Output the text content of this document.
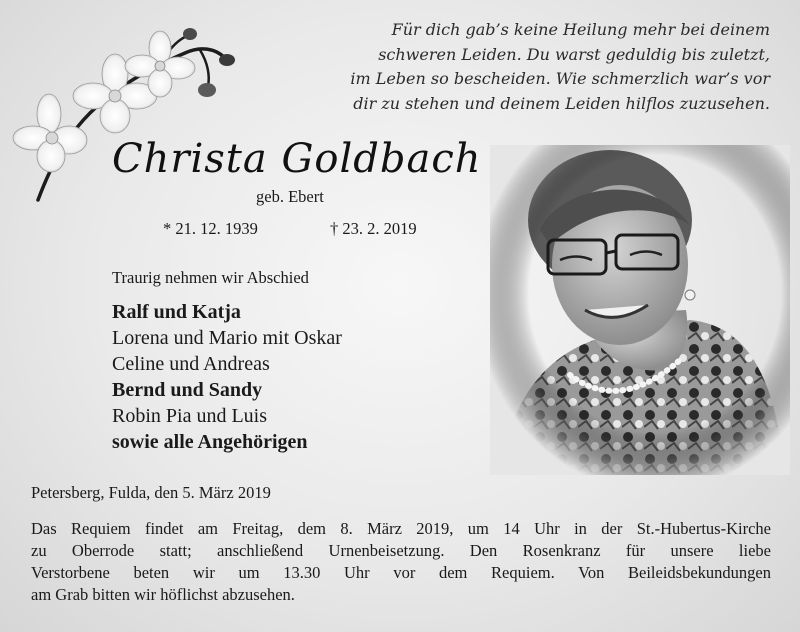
Für dich gab’s keine Heilung mehr bei deinem
schweren Leiden. Du warst geduldig bis zuletzt,
im Leben so bescheiden. Wie schmerzlich war’s vor
dir zu stehen und deinem Leiden hilflos zuzusehen.
Christa Goldbach
geb. Ebert
* 21. 12. 1939	† 23. 2. 2019
Traurig nehmen wir Abschied
Ralf und Katja
Lorena und Mario mit Oskar
Celine und Andreas
Bernd und Sandy
Robin Pia und Luis
sowie alle Angehörigen
Petersberg, Fulda, den 5. März 2019
Das Requiem findet am Freitag, dem 8. März 2019, um 14 Uhr in der St.-Hubertus-Kirche
zu Oberrode statt; anschließend Urnenbeisetzung. Den Rosenkranz für unsere liebe
Verstorbene beten wir um 13.30 Uhr vor dem Requiem. Von Beileidsbekundungen
am Grab bitten wir höflichst abzusehen.
